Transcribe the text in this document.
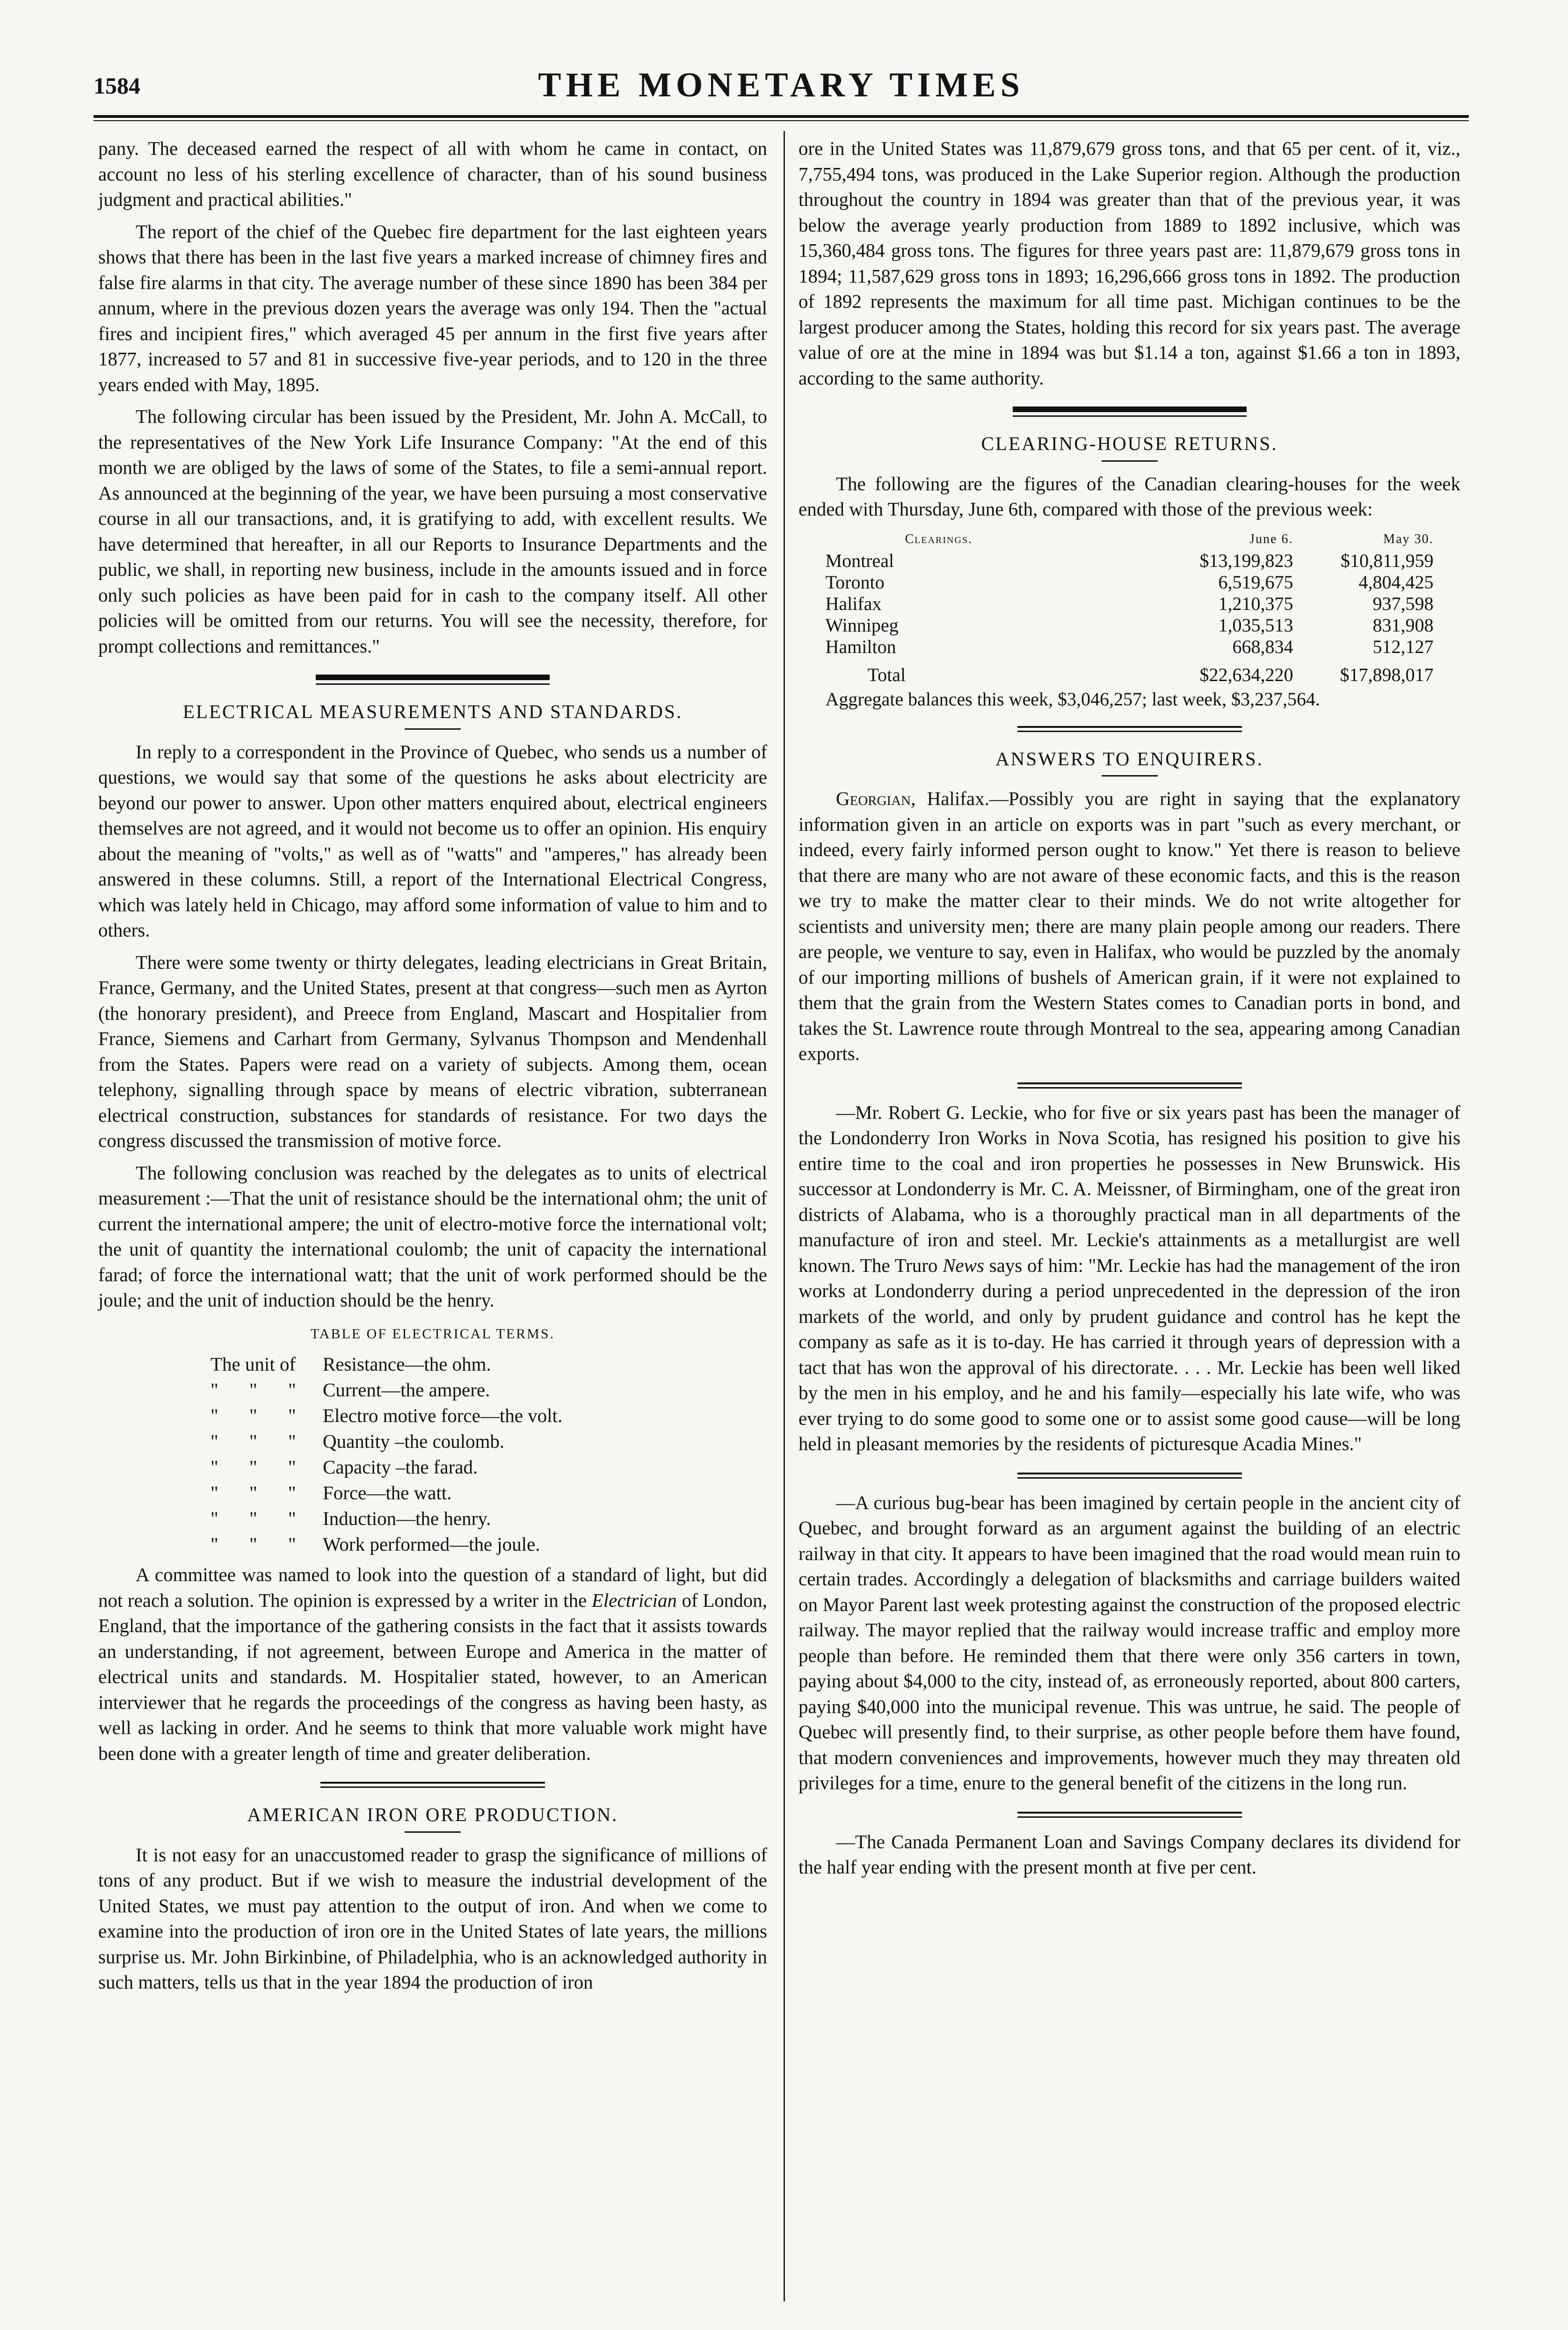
1584	THE MONETARY TIMES

pany. The deceased earned the respect of all with whom he came in contact, on account no less of his sterling excellence of character, than of his sound business judgment and practical abilities."

The report of the chief of the Quebec fire department for the last eighteen years shows that there has been in the last five years a marked increase of chimney fires and false fire alarms in that city. The average number of these since 1890 has been 384 per annum, where in the previous dozen years the average was only 194. Then the "actual fires and incipient fires," which averaged 45 per annum in the first five years after 1877, increased to 57 and 81 in successive five-year periods, and to 120 in the three years ended with May, 1895.

The following circular has been issued by the President, Mr. John A. McCall, to the representatives of the New York Life Insurance Company: "At the end of this month we are obliged by the laws of some of the States, to file a semi-annual report. As announced at the beginning of the year, we have been pursuing a most conservative course in all our transactions, and, it is gratifying to add, with excellent results. We have determined that hereafter, in all our Reports to Insurance Departments and the public, we shall, in reporting new business, include in the amounts issued and in force only such policies as have been paid for in cash to the company itself. All other policies will be omitted from our returns. You will see the necessity, therefore, for prompt collections and remittances."

ELECTRICAL MEASUREMENTS AND STANDARDS.

In reply to a correspondent in the Province of Quebec, who sends us a number of questions, we would say that some of the questions he asks about electricity are beyond our power to answer. Upon other matters enquired about, electrical engineers themselves are not agreed, and it would not become us to offer an opinion. His enquiry about the meaning of "volts," as well as of "watts" and "amperes," has already been answered in these columns. Still, a report of the International Electrical Congress, which was lately held in Chicago, may afford some information of value to him and to others.

There were some twenty or thirty delegates, leading electricians in Great Britain, France, Germany, and the United States, present at that congress—such men as Ayrton (the honorary president), and Preece from England, Mascart and Hospitalier from France, Siemens and Carhart from Germany, Sylvanus Thompson and Mendenhall from the States. Papers were read on a variety of subjects. Among them, ocean telephony, signalling through space by means of electric vibration, subterranean electrical construction, substances for standards of resistance. For two days the congress discussed the transmission of motive force.

The following conclusion was reached by the delegates as to units of electrical measurement :—That the unit of resistance should be the international ohm; the unit of current the international ampere; the unit of electro-motive force the international volt; the unit of quantity the international coulomb; the unit of capacity the international farad; of force the international watt; that the unit of work performed should be the joule; and the unit of induction should be the henry.

TABLE OF ELECTRICAL TERMS.
The unit of	Resistance—the ohm.
" " " Current—the ampere.
" " " Electro motive force—the volt.
" " " Quantity –the coulomb.
" " " Capacity –the farad.
" " " Force—the watt.
" " " Induction—the henry.
" " " Work performed—the joule.

A committee was named to look into the question of a standard of light, but did not reach a solution. The opinion is expressed by a writer in the Electrician of London, England, that the importance of the gathering consists in the fact that it assists towards an understanding, if not agreement, between Europe and America in the matter of electrical units and standards. M. Hospitalier stated, however, to an American interviewer that he regards the proceedings of the congress as having been hasty, as well as lacking in order. And he seems to think that more valuable work might have been done with a greater length of time and greater deliberation.

AMERICAN IRON ORE PRODUCTION.

It is not easy for an unaccustomed reader to grasp the significance of millions of tons of any product. But if we wish to measure the industrial development of the United States, we must pay attention to the output of iron. And when we come to examine into the production of iron ore in the United States of late years, the millions surprise us. Mr. John Birkinbine, of Philadelphia, who is an acknowledged authority in such matters, tells us that in the year 1894 the production of iron

ore in the United States was 11,879,679 gross tons, and that 65 per cent. of it, viz., 7,755,494 tons, was produced in the Lake Superior region. Although the production throughout the country in 1894 was greater than that of the previous year, it was below the average yearly production from 1889 to 1892 inclusive, which was 15,360,484 gross tons. The figures for three years past are: 11,879,679 gross tons in 1894; 11,587,629 gross tons in 1893; 16,296,666 gross tons in 1892. The production of 1892 represents the maximum for all time past. Michigan continues to be the largest producer among the States, holding this record for six years past. The average value of ore at the mine in 1894 was but $1.14 a ton, against $1.66 a ton in 1893, according to the same authority.

CLEARING-HOUSE RETURNS.

The following are the figures of the Canadian clearing-houses for the week ended with Thursday, June 6th, compared with those of the previous week:

Clearings.	June 6.	May 30.
Montreal	$13,199,823	$10,811,959
Toronto	6,519,675	4,804,425
Halifax	1,210,375	937,598
Winnipeg	1,035,513	831,908
Hamilton	668,834	512,127
Total	$22,634,220	$17,898,017
Aggregate balances this week, $3,046,257; last week, $3,237,564.
ANSWERS TO ENQUIRERS.

Georgian, Halifax.—Possibly you are right in saying that the explanatory information given in an article on exports was in part "such as every merchant, or indeed, every fairly informed person ought to know." Yet there is reason to believe that there are many who are not aware of these economic facts, and this is the reason we try to make the matter clear to their minds. We do not write altogether for scientists and university men; there are many plain people among our readers. There are people, we venture to say, even in Halifax, who would be puzzled by the anomaly of our importing millions of bushels of American grain, if it were not explained to them that the grain from the Western States comes to Canadian ports in bond, and takes the St. Lawrence route through Montreal to the sea, appearing among Canadian exports.

—Mr. Robert G. Leckie, who for five or six years past has been the manager of the Londonderry Iron Works in Nova Scotia, has resigned his position to give his entire time to the coal and iron properties he possesses in New Brunswick. His successor at Londonderry is Mr. C. A. Meissner, of Birmingham, one of the great iron districts of Alabama, who is a thoroughly practical man in all departments of the manufacture of iron and steel. Mr. Leckie's attainments as a metallurgist are well known. The Truro News says of him: "Mr. Leckie has had the management of the iron works at Londonderry during a period unprecedented in the depression of the iron markets of the world, and only by prudent guidance and control has he kept the company as safe as it is to-day. He has carried it through years of depression with a tact that has won the approval of his directorate. . . . Mr. Leckie has been well liked by the men in his employ, and he and his family—especially his late wife, who was ever trying to do some good to some one or to assist some good cause—will be long held in pleasant memories by the residents of picturesque Acadia Mines."

—A curious bug-bear has been imagined by certain people in the ancient city of Quebec, and brought forward as an argument against the building of an electric railway in that city. It appears to have been imagined that the road would mean ruin to certain trades. Accordingly a delegation of blacksmiths and carriage builders waited on Mayor Parent last week protesting against the construction of the proposed electric railway. The mayor replied that the railway would increase traffic and employ more people than before. He reminded them that there were only 356 carters in town, paying about $4,000 to the city, instead of, as erroneously reported, about 800 carters, paying $40,000 into the municipal revenue. This was untrue, he said. The people of Quebec will presently find, to their surprise, as other people before them have found, that modern conveniences and improvements, however much they may threaten old privileges for a time, enure to the general benefit of the citizens in the long run.

—The Canada Permanent Loan and Savings Company declares its dividend for the half year ending with the present month at five per cent.
